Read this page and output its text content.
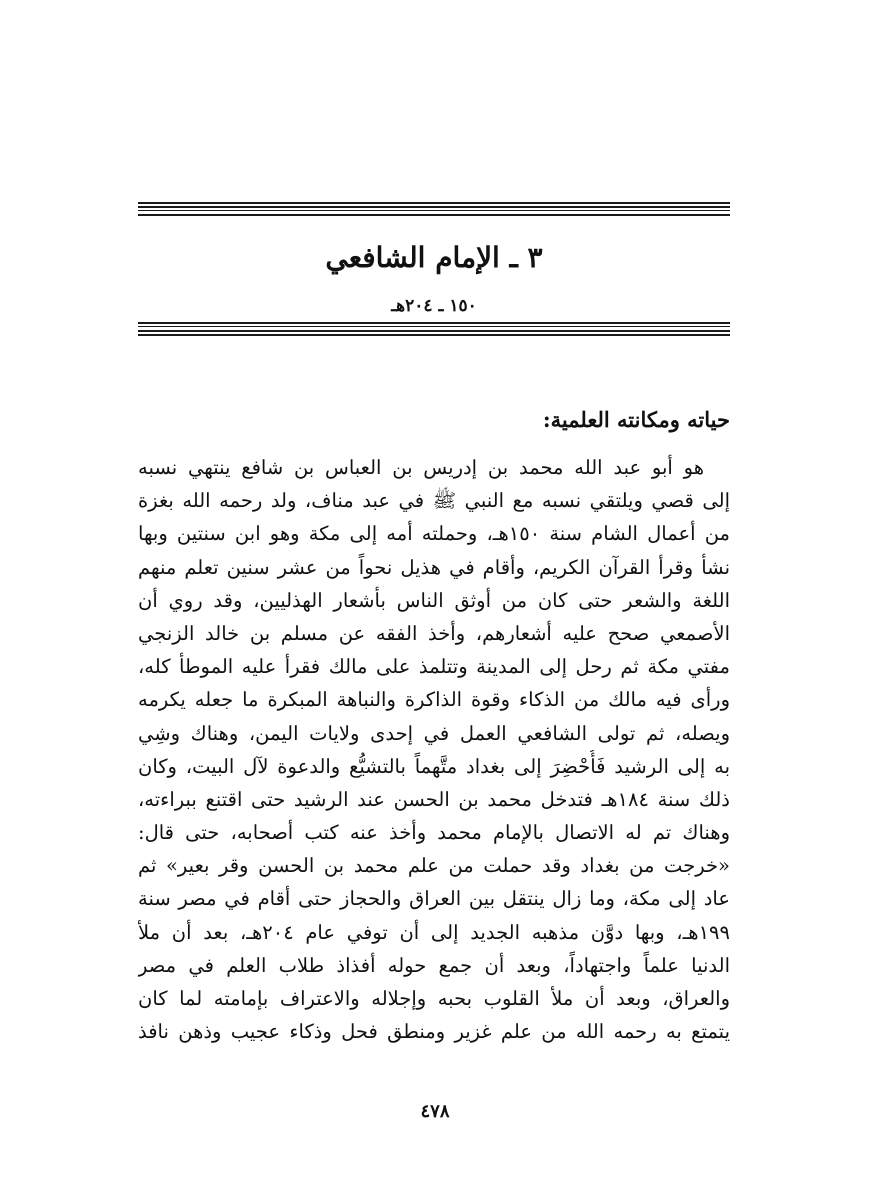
٣ ـ الإمام الشافعي

١٥٠ ـ ٢٠٤هـ

حياته ومكانته العلمية:
هو أبو عبد الله محمد بن إدريس بن العباس بن شافع ينتهي نسبه
إلى قصي ويلتقي نسبه مع النبي ﷺ في عبد مناف، ولد رحمه الله بغزة
من أعمال الشام سنة ١٥٠هـ، وحملته أمه إلى مكة وهو ابن سنتين وبها
نشأ وقرأ القرآن الكريم، وأقام في هذيل نحواً من عشر سنين تعلم منهم
اللغة والشعر حتى كان من أوثق الناس بأشعار الهذليين، وقد روي أن
الأصمعي صحح عليه أشعارهم، وأخذ الفقه عن مسلم بن خالد الزنجي
مفتي مكة ثم رحل إلى المدينة وتتلمذ على مالك فقرأ عليه الموطأ كله،
ورأى فيه مالك من الذكاء وقوة الذاكرة والنباهة المبكرة ما جعله يكرمه
ويصله، ثم تولى الشافعي العمل في إحدى ولايات اليمن، وهناك وشِي
به إلى الرشيد فَأُحْضِرَ إلى بغداد متَّهماً بالتشيُّع والدعوة لآل البيت، وكان
ذلك سنة ١٨٤هـ فتدخل محمد بن الحسن عند الرشيد حتى اقتنع ببراءته،
وهناك تم له الاتصال بالإمام محمد وأخذ عنه كتب أصحابه، حتى قال:
«خرجت من بغداد وقد حملت من علم محمد بن الحسن وقر بعير» ثم
عاد إلى مكة، وما زال ينتقل بين العراق والحجاز حتى أقام في مصر سنة
١٩٩هـ، وبها دوَّن مذهبه الجديد إلى أن توفي عام ٢٠٤هـ، بعد أن ملأ
الدنيا علماً واجتهاداً، وبعد أن جمع حوله أفذاذ طلاب العلم في مصر
والعراق، وبعد أن ملأ القلوب بحبه وإجلاله والاعتراف بإمامته لما كان
يتمتع به رحمه الله من علم غزير ومنطق فحل وذكاء عجيب وذهن نافذ

٤٧٨
